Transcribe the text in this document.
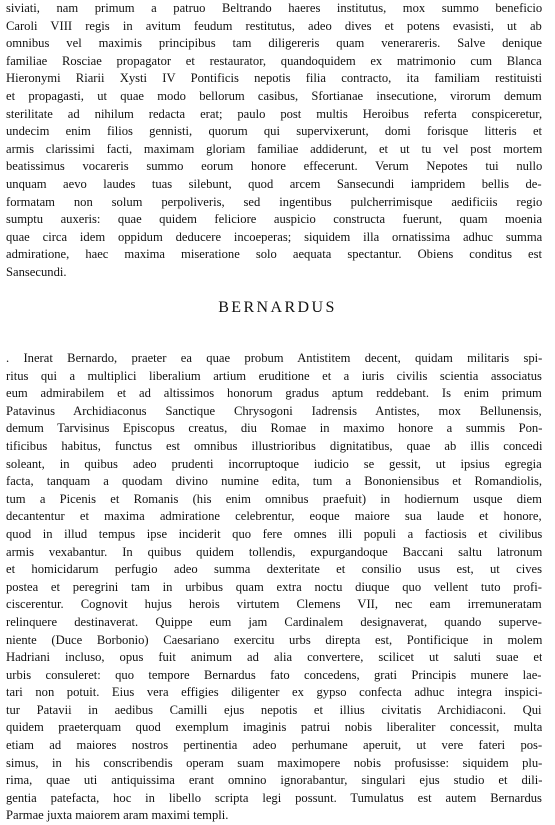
siviati, nam primum a patruo Beltrando haeres institutus, mox summo beneficio
Caroli VIII regis in avitum feudum restitutus, adeo dives et potens evasisti, ut ab
omnibus vel maximis principibus tam diligereris quam venerareris. Salve denique
familiae Rosciae propagator et restaurator, quandoquidem ex matrimonio cum Blanca
Hieronymi Riarii Xysti IV Pontificis nepotis filia contracto, ita familiam restituisti
et propagasti, ut quae modo bellorum casibus, Sfortianae insecutione, virorum demum
sterilitate ad nihilum redacta erat; paulo post multis Heroibus referta conspiceretur,
undecim enim filios gennisti, quorum qui supervixerunt, domi forisque litteris et
armis clarissimi facti, maximam gloriam familiae addiderunt, et ut tu vel post mortem
beatissimus vocareris summo eorum honore effecerunt. Verum Nepotes tui nullo
unquam aevo laudes tuas silebunt, quod arcem Sansecundi iampridem bellis de-
formatam non solum perpoliveris, sed ingentibus pulcherrimisque aedificiis regio
sumptu auxeris: quae quidem feliciore auspicio constructa fuerunt, quam moenia
quae circa idem oppidum deducere incoeperas; siquidem illa ornatissima adhuc summa
admiratione, haec maxima miseratione solo aequata spectantur. Obiens conditus est
Sansecundi.
BERNARDUS
. Inerat Bernardo, praeter ea quae probum Antistitem decent, quidam militaris spi-
ritus qui a multiplici liberalium artium eruditione et a iuris civilis scientia associatus
eum admirabilem et ad altissimos honorum gradus aptum reddebant. Is enim primum
Patavinus Archidiaconus Sanctique Chrysogoni Iadrensis Antistes, mox Bellunensis,
demum Tarvisinus Episcopus creatus, diu Romae in maximo honore a summis Pon-
tificibus habitus, functus est omnibus illustrioribus dignitatibus, quae ab illis concedi
soleant, in quibus adeo prudenti incorruptoque iudicio se gessit, ut ipsius egregia
facta, tanquam a quodam divino numine edita, tum a Bononiensibus et Romandiolis,
tum a Picenis et Romanis (his enim omnibus praefuit) in hodiernum usque diem
decantentur et maxima admiratione celebrentur, eoque maiore sua laude et honore,
quod in illud tempus ipse inciderit quo fere omnes illi populi a factiosis et civilibus
armis vexabantur. In quibus quidem tollendis, expurgandoque Baccani saltu latronum
et homicidarum perfugio adeo summa dexteritate et consilio usus est, ut cives
postea et peregrini tam in urbibus quam extra noctu diuque quo vellent tuto profi-
ciscerentur. Cognovit hujus herois virtutem Clemens VII, nec eam irremuneratam
relinquere destinaverat. Quippe eum jam Cardinalem designaverat, quando superve-
niente (Duce Borbonio) Caesariano exercitu urbs direpta est, Pontificique in molem
Hadriani incluso, opus fuit animum ad alia convertere, scilicet ut saluti suae et
urbis consuleret: quo tempore Bernardus fato concedens, grati Principis munere lae-
tari non potuit. Eius vera effigies diligenter ex gypso confecta adhuc integra inspici-
tur Patavii in aedibus Camilli ejus nepotis et illius civitatis Archidiaconi. Qui
quidem praeterquam quod exemplum imaginis patrui nobis liberaliter concessit, multa
etiam ad maiores nostros pertinentia adeo perhumane aperuit, ut vere fateri pos-
simus, in his conscribendis operam suam maximopere nobis profusisse: siquidem plu-
rima, quae uti antiquissima erant omnino ignorabantur, singulari ejus studio et dili-
gentia patefacta, hoc in libello scripta legi possunt. Tumulatus est autem Bernardus
Parmae juxta maiorem aram maximi templi.
